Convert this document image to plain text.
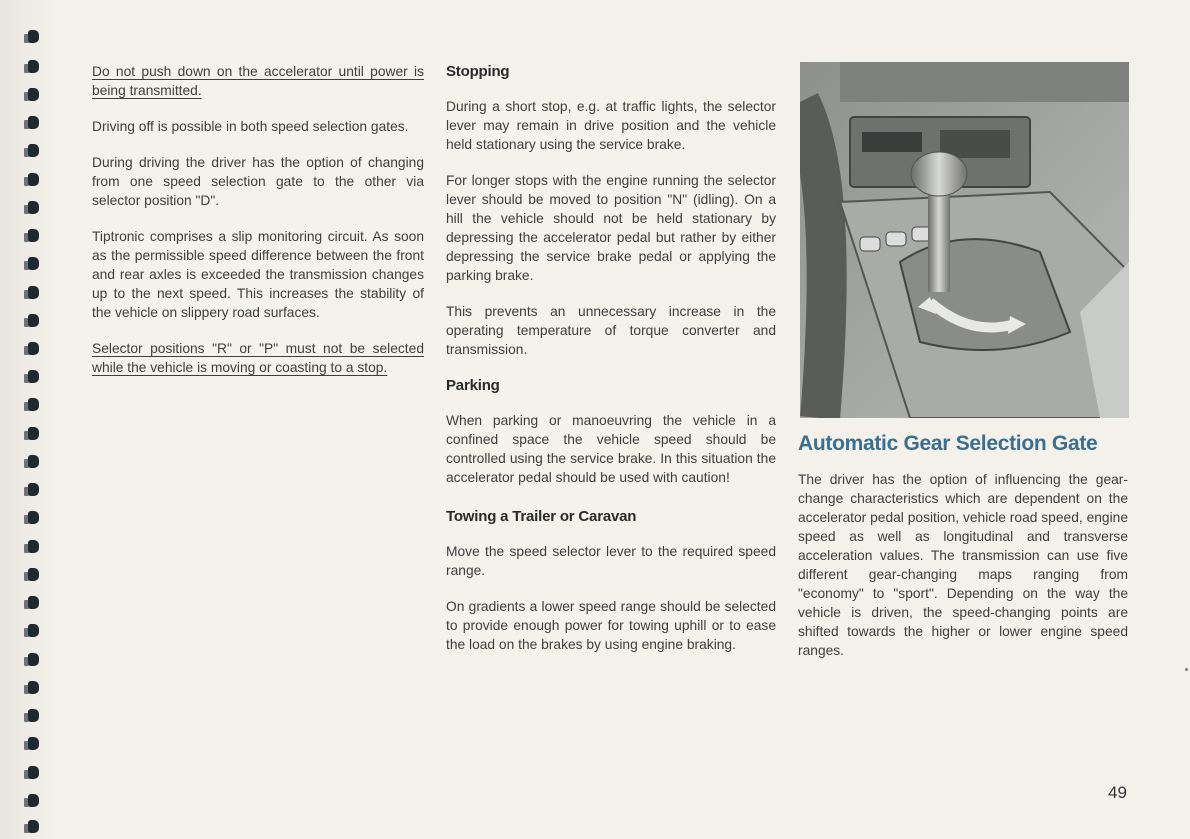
Do not push down on the accelerator until power is being transmitted.

Driving off is possible in both speed selection gates.

During driving the driver has the option of changing from one speed selection gate to the other via selector position "D".

Tiptronic comprises a slip monitoring circuit. As soon as the permissible speed difference between the front and rear axles is exceeded the transmission changes up to the next speed. This increases the stability of the vehicle on slippery road surfaces.

Selector positions "R" or "P" must not be selected while the vehicle is moving or coasting to a stop.

Stopping

During a short stop, e.g. at traffic lights, the selector lever may remain in drive position and the vehicle held stationary using the service brake.

For longer stops with the engine running the selector lever should be moved to position "N" (idling). On a hill the vehicle should not be held stationary by depressing the accelerator pedal but rather by either depressing the service brake pedal or applying the parking brake.

This prevents an unnecessary increase in the operating temperature of torque converter and transmission.

Parking

When parking or manoeuvring the vehicle in a confined space the vehicle speed should be controlled using the service brake. In this situation the accelerator pedal should be used with caution!

Towing a Trailer or Caravan

Move the speed selector lever to the required speed range.

On gradients a lower speed range should be selected to provide enough power for towing uphill or to ease the load on the brakes by using engine braking.

Automatic Gear Selection Gate

The driver has the option of influencing the gear-change characteristics which are dependent on the accelerator pedal position, vehicle road speed, engine speed as well as longitudinal and transverse acceleration values. The transmission can use five different gear-changing maps ranging from "economy" to "sport". Depending on the way the vehicle is driven, the speed-changing points are shifted towards the higher or lower engine speed ranges.

49
